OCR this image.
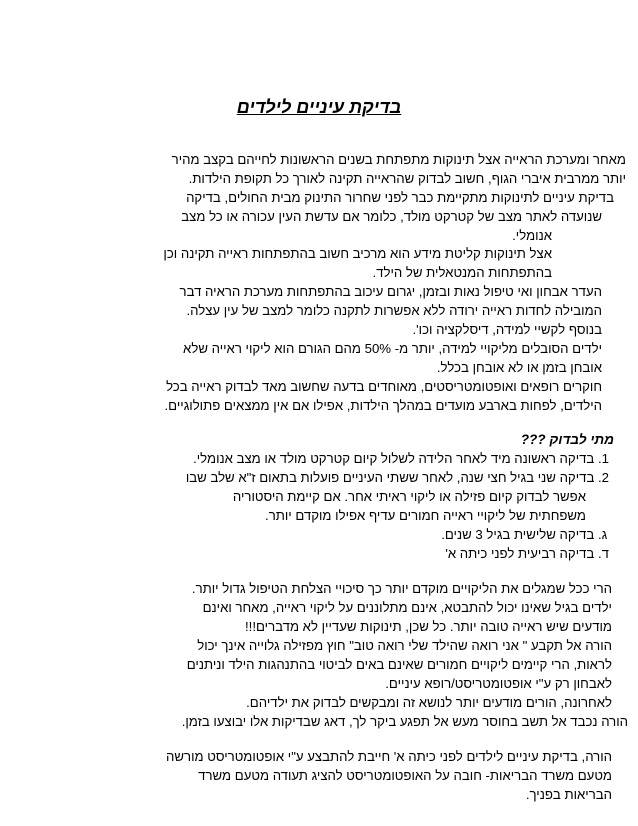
בדיקת עיניים לילדים
מאחר ומערכת הראייה אצל תינוקות מתפתחת בשנים הראשונות לחייהם בקצב מהיר
יותר ממרבית איברי הגוף, חשוב לבדוק שהראייה תקינה לאורך כל תקופת הילדות.
בדיקת עיניים לתינוקות מתקיימת כבר לפני שחרור התינוק מבית החולים, בדיקה
שנועדה לאתר מצב של קטרקט מולד, כלומר אם עדשת העין עכורה או כל מצב
אנומלי.
אצל תינוקות קליטת מידע הוא מרכיב חשוב בהתפתחות ראייה תקינה וכן
בהתפתחות המנטאלית של הילד.
העדר אבחון ואי טיפול נאות ובזמן, יגרום עיכוב בהתפתחות מערכת הראיה דבר
המובילה לחדות ראייה ירודה ללא אפשרות לתקנה כלומר למצב של עין עצלה.
בנוסף לקשיי למידה, דיסלקציה וכו'.
ילדים הסובלים מליקויי למידה, יותר מ- 50% מהם הגורם הוא ליקוי ראייה שלא
אובחן בזמן או לא אובחן בכלל.
חוקרים רופאים ואופטומטריסטים, מאוחדים בדעה שחשוב מאד לבדוק ראייה בכל
הילדים, לפחות בארבע מועדים במהלך הילדות, אפילו אם אין ממצאים פתולוגיים.
מתי לבדוק ???
1. בדיקה ראשונה מיד לאחר הלידה לשלול קיום קטרקט מולד או מצב אנומלי.
2. בדיקה שני בגיל חצי שנה, לאחר ששתי העיניים פועלות בתאום ז"א שלב שבו
אפשר לבדוק קיום פזילה או ליקוי ראיתי אחר. אם קיימת היסטוריה
משפחתית של ליקויי ראייה חמורים עדיף אפילו מוקדם יותר.
ג. בדיקה שלישית בגיל 3 שנים.
ד. בדיקה רביעית לפני כיתה א'
הרי ככל שמגלים את הליקויים מוקדם יותר כך סיכויי הצלחת הטיפול גדול יותר.
ילדים בגיל שאינו יכול להתבטא, אינם מתלוננים על ליקוי ראייה, מאחר ואינם
מודעים שיש ראייה טובה יותר. כל שכן, תינוקות שעדיין לא מדברים!!!
הורה אל תקבע " אני רואה שהילד שלי רואה טוב" חוץ מפזילה גלוייה אינך יכול
לראות, הרי קיימים ליקויים חמורים שאינם באים לביטוי בהתנהגות הילד וניתנים
לאבחון רק ע"י אופטומטריסט/רופא עיניים.
לאחרונה, הורים מודעים יותר לנושא זה ומבקשים לבדוק את ילדיהם.
הורה נכבד אל תשב בחוסר מעש אל תפגע ביקר לך, דאג שבדיקות אלו יבוצעו בזמן.
הורה, בדיקת עיניים לילדים לפני כיתה א' חייבת להתבצע ע"י אופטומטריסט מורשה
מטעם משרד הבריאות- חובה על האופטומטריסט להציג תעודה מטעם משרד
הבריאות בפניך.
